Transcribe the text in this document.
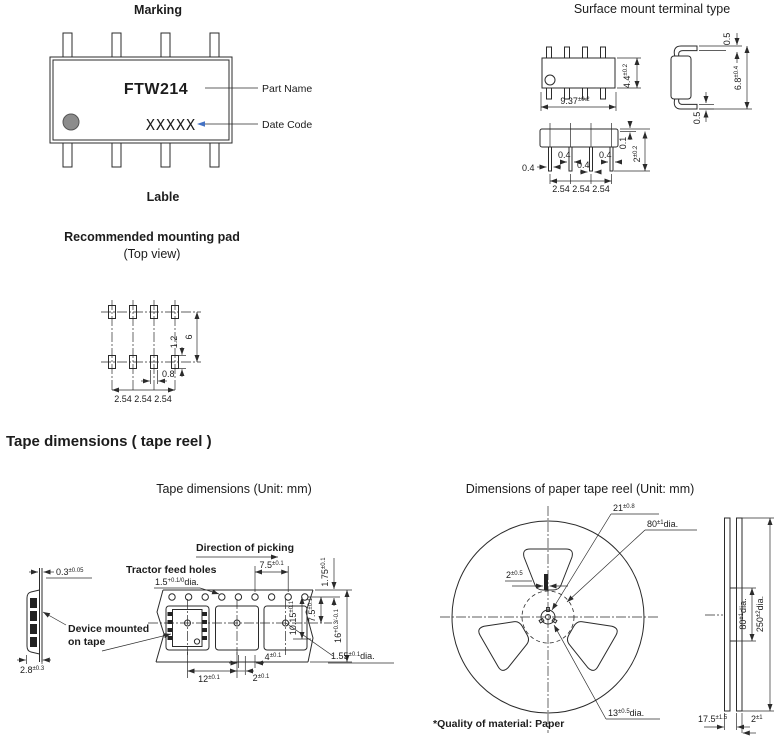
Marking
FTW214
XXXXX
Part Name
Date Code
Lable
Surface mount terminal type
$4.4^{\pm 0.2}$
$9.37^{\pm 0.2}$
0.5
0.5
$6.8^{\pm 0.4}$
0.1
$2^{\pm 0.2}$
0.4
0.4	0.4
0.4
2.54 2.54 2.54
Recommended mounting pad
(Top view)
6
1.2
0.8
2.54 2.54 2.54
Tape dimensions ( tape reel )
Tape dimensions (Unit: mm)
Direction of picking
Tractor feed holes
$1.5^{+0.1/0}dia$.
$0.3^{\pm 0.05}$
$2.8^{\pm 0.3}$
Device mounted
on tape
$7.5^{\pm 0.1}$
$1.75^{\pm 0.1}$
$7.5^{\pm 0.1}$
$10.15^{\pm 0.1}$
$16^{+0.3/-0.1}$
$1.55^{\pm 0.1}dia$.
$4^{\pm 0.1}$
$12^{\pm 0.1}$	$2^{\pm 0.1}$
Dimensions of paper tape reel (Unit: mm)
$2^{\pm 0.5}$
$21^{\pm 0.8}$
$80^{\pm 1}dia$.
$13^{\pm 0.5}dia$.
*Quality of material: Paper
$80^{\pm 1}dia$.
$250^{\pm 2}dia$.
$17.5^{\pm 1.5}$	$2^{\pm 1}$
